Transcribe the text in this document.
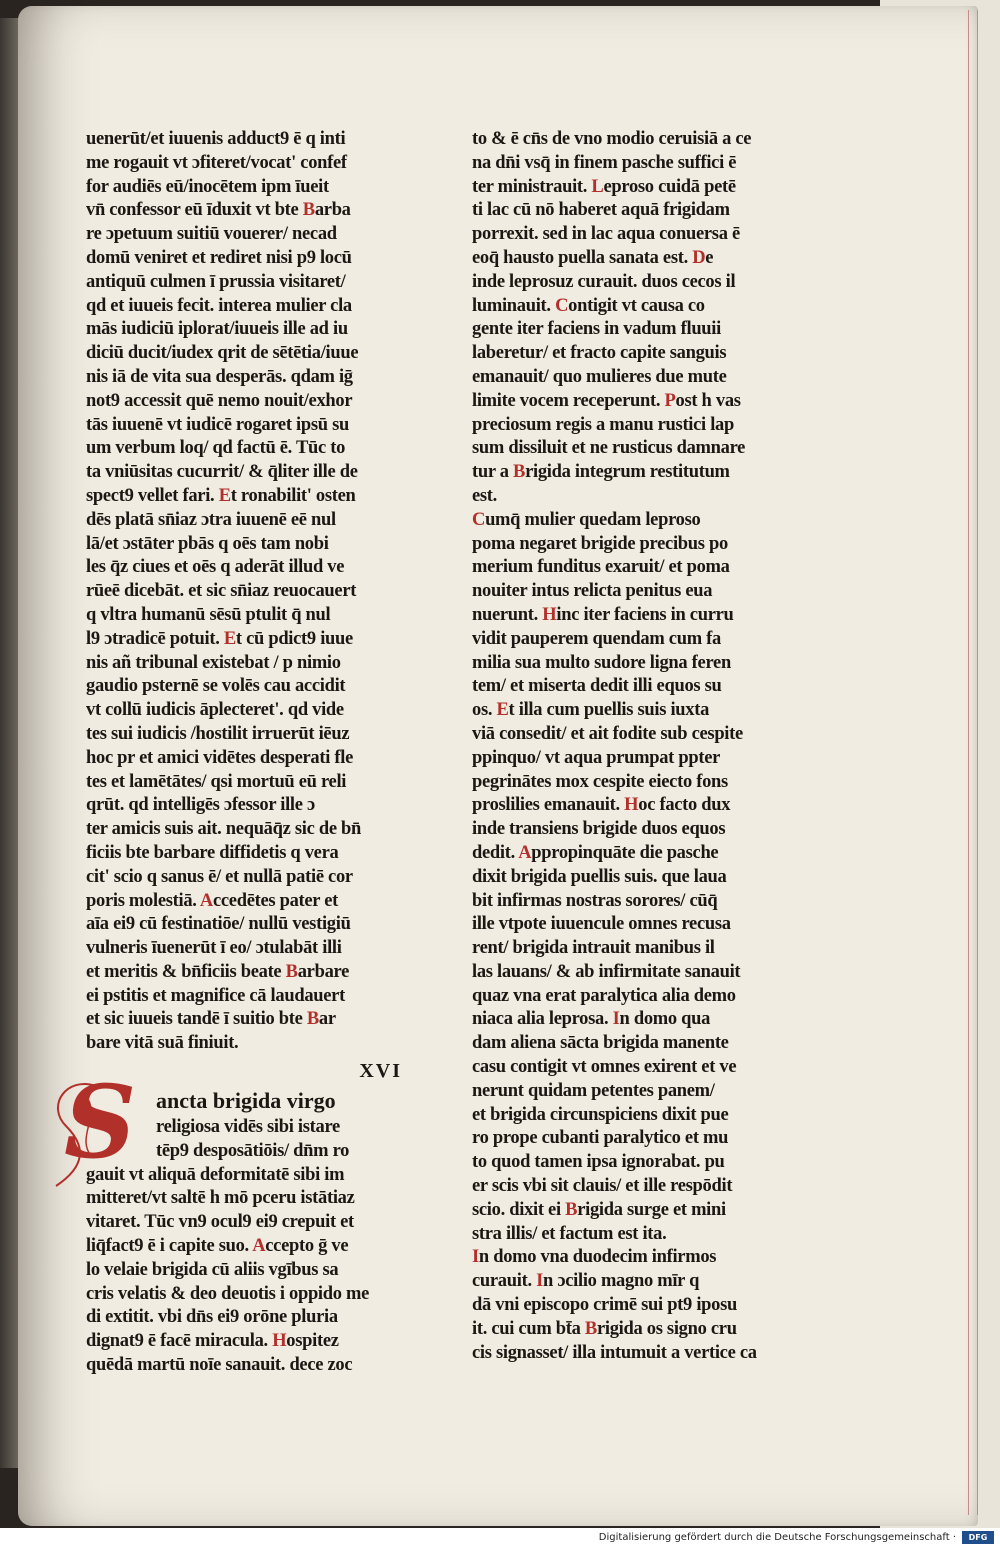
uenerūt/et iuuenis adduct9 ē q inti
me rogauit vt ɔfiteret/vocat' confef
for audiēs eū/inocētem ipm īueit
vn̄ confessor eū īduxit vt bte Barba
re ɔpetuum suitiū vouerer/ necad
domū veniret et rediret nisi p9 locū
antiquū culmen ī prussia visitaret/
qd et iuueis fecit. interea mulier cla
mās iudiciū iplorat/iuueis ille ad iu
diciū ducit/iudex qrit de sētētia/iuue
nis iā de vita sua desperās. qdam iḡ
not9 accessit quē nemo nouit/exhor
tās iuuenē vt iudicē rogaret ipsū su
um verbum loq/ qd factū ē. Tūc to
ta vniūsitas cucurrit/ & q̄liter ille de
spect9 vellet fari. Et ronabilit' osten
dēs platā sn̄iaz ɔtra iuuenē eē nul
lā/et ɔstāter pbās q oēs tam nobi
les q̄z ciues et oēs q aderāt illud ve
rūeē dicebāt. et sic sn̄iaz reuocauert
q vltra humanū sēsū ptulit q̄ nul
l9 ɔtradicē potuit. Et cū pdict9 iuue
nis añ tribunal existebat / p nimio
gaudio psternē se volēs cau accidit
vt collū iudicis āplecteret'. qd vide
tes sui iudicis /hostilit irruerūt iēuz
hoc pr et amici vidētes desperati fle
tes et lamētātes/ qsi mortuū eū reli
qrūt. qd intelligēs ɔfessor ille ɔ
ter amicis suis ait. nequāq̄z sic de bn̄
ficiis bte barbare diffidetis q vera
cit' scio q sanus ē/ et nullā patiē cor
poris molestiā. Accedētes pater et
aīa ei9 cū festinatiōe/ nullū vestigiū
vulneris īuenerūt ī eo/ ɔtulabāt illi
et meritis & bn̄ficiis beate Barbare
ei pstitis et magnifice cā laudauert
et sic iuueis tandē ī suitio bte Bar
bare vitā suā finiuit.
XVI
S ancta brigida virgo
religiosa vidēs sibi istare
tēp9 desposātiōis/ dn̄m ro
gauit vt aliquā deformitatē sibi im
mitteret/vt saltē h mō pceru istātiaz
vitaret. Tūc vn9 ocul9 ei9 crepuit et
liq̄fact9 ē i capite suo. Accepto ḡ ve
lo velaie brigida cū aliis vgībus sa
cris velatis & deo deuotis i oppido me
di extitit. vbi dn̄s ei9 orōne pluria
dignat9 ē facē miracula. Hospitez
quēdā martū noīe sanauit. dece zoc
to & ē cn̄s de vno modio ceruisiā a ce
na dn̄i vsq̄ in finem pasche suffici ē
ter ministrauit. Leproso cuidā petē
ti lac cū nō haberet aquā frigidam
porrexit. sed in lac aqua conuersa ē
eoq̄ hausto puella sanata est. De
inde leprosuz curauit. duos cecos il
luminauit. Contigit vt causa co
gente iter faciens in vadum fluuii
laberetur/ et fracto capite sanguis
emanauit/ quo mulieres due mute
limite vocem receperunt. Post h vas
preciosum regis a manu rustici lap
sum dissiluit et ne rusticus damnare
tur a Brigida integrum restitutum
est.
Cumq̄ mulier quedam leproso
poma negaret brigide precibus po
merium funditus exaruit/ et poma
nouiter intus relicta penitus eua
nuerunt. Hinc iter faciens in curru
vidit pauperem quendam cum fa
milia sua multo sudore ligna feren
tem/ et miserta dedit illi equos su
os. Et illa cum puellis suis iuxta
viā consedit/ et ait fodite sub cespite
ppinquo/ vt aqua prumpat ppter
pegrinātes mox cespite eiecto fons
proslilies emanauit. Hoc facto dux
inde transiens brigide duos equos
dedit. Appropinquāte die pasche
dixit brigida puellis suis. que laua
bit infirmas nostras sorores/ cūq̄
ille vtpote iuuencule omnes recusa
rent/ brigida intrauit manibus il
las lauans/ & ab infirmitate sanauit
quaz vna erat paralytica alia demo
niaca alia leprosa. In domo qua
dam aliena sācta brigida manente
casu contigit vt omnes exirent et ve
nerunt quidam petentes panem/
et brigida circunspiciens dixit pue
ro prope cubanti paralytico et mu
to quod tamen ipsa ignorabat. pu
er scis vbi sit clauis/ et ille respōdit
scio. dixit ei Brigida surge et mini
stra illis/ et factum est ita.
In domo vna duodecim infirmos
curauit. In ɔcilio magno mīr q
dā vni episcopo crimē sui pt9 iposu
it. cui cum bt̄a Brigida os signo cru
cis signasset/ illa intumuit a vertice ca
Digitalisierung gefördert durch die Deutsche Forschungsgemeinschaft ·	DFG
